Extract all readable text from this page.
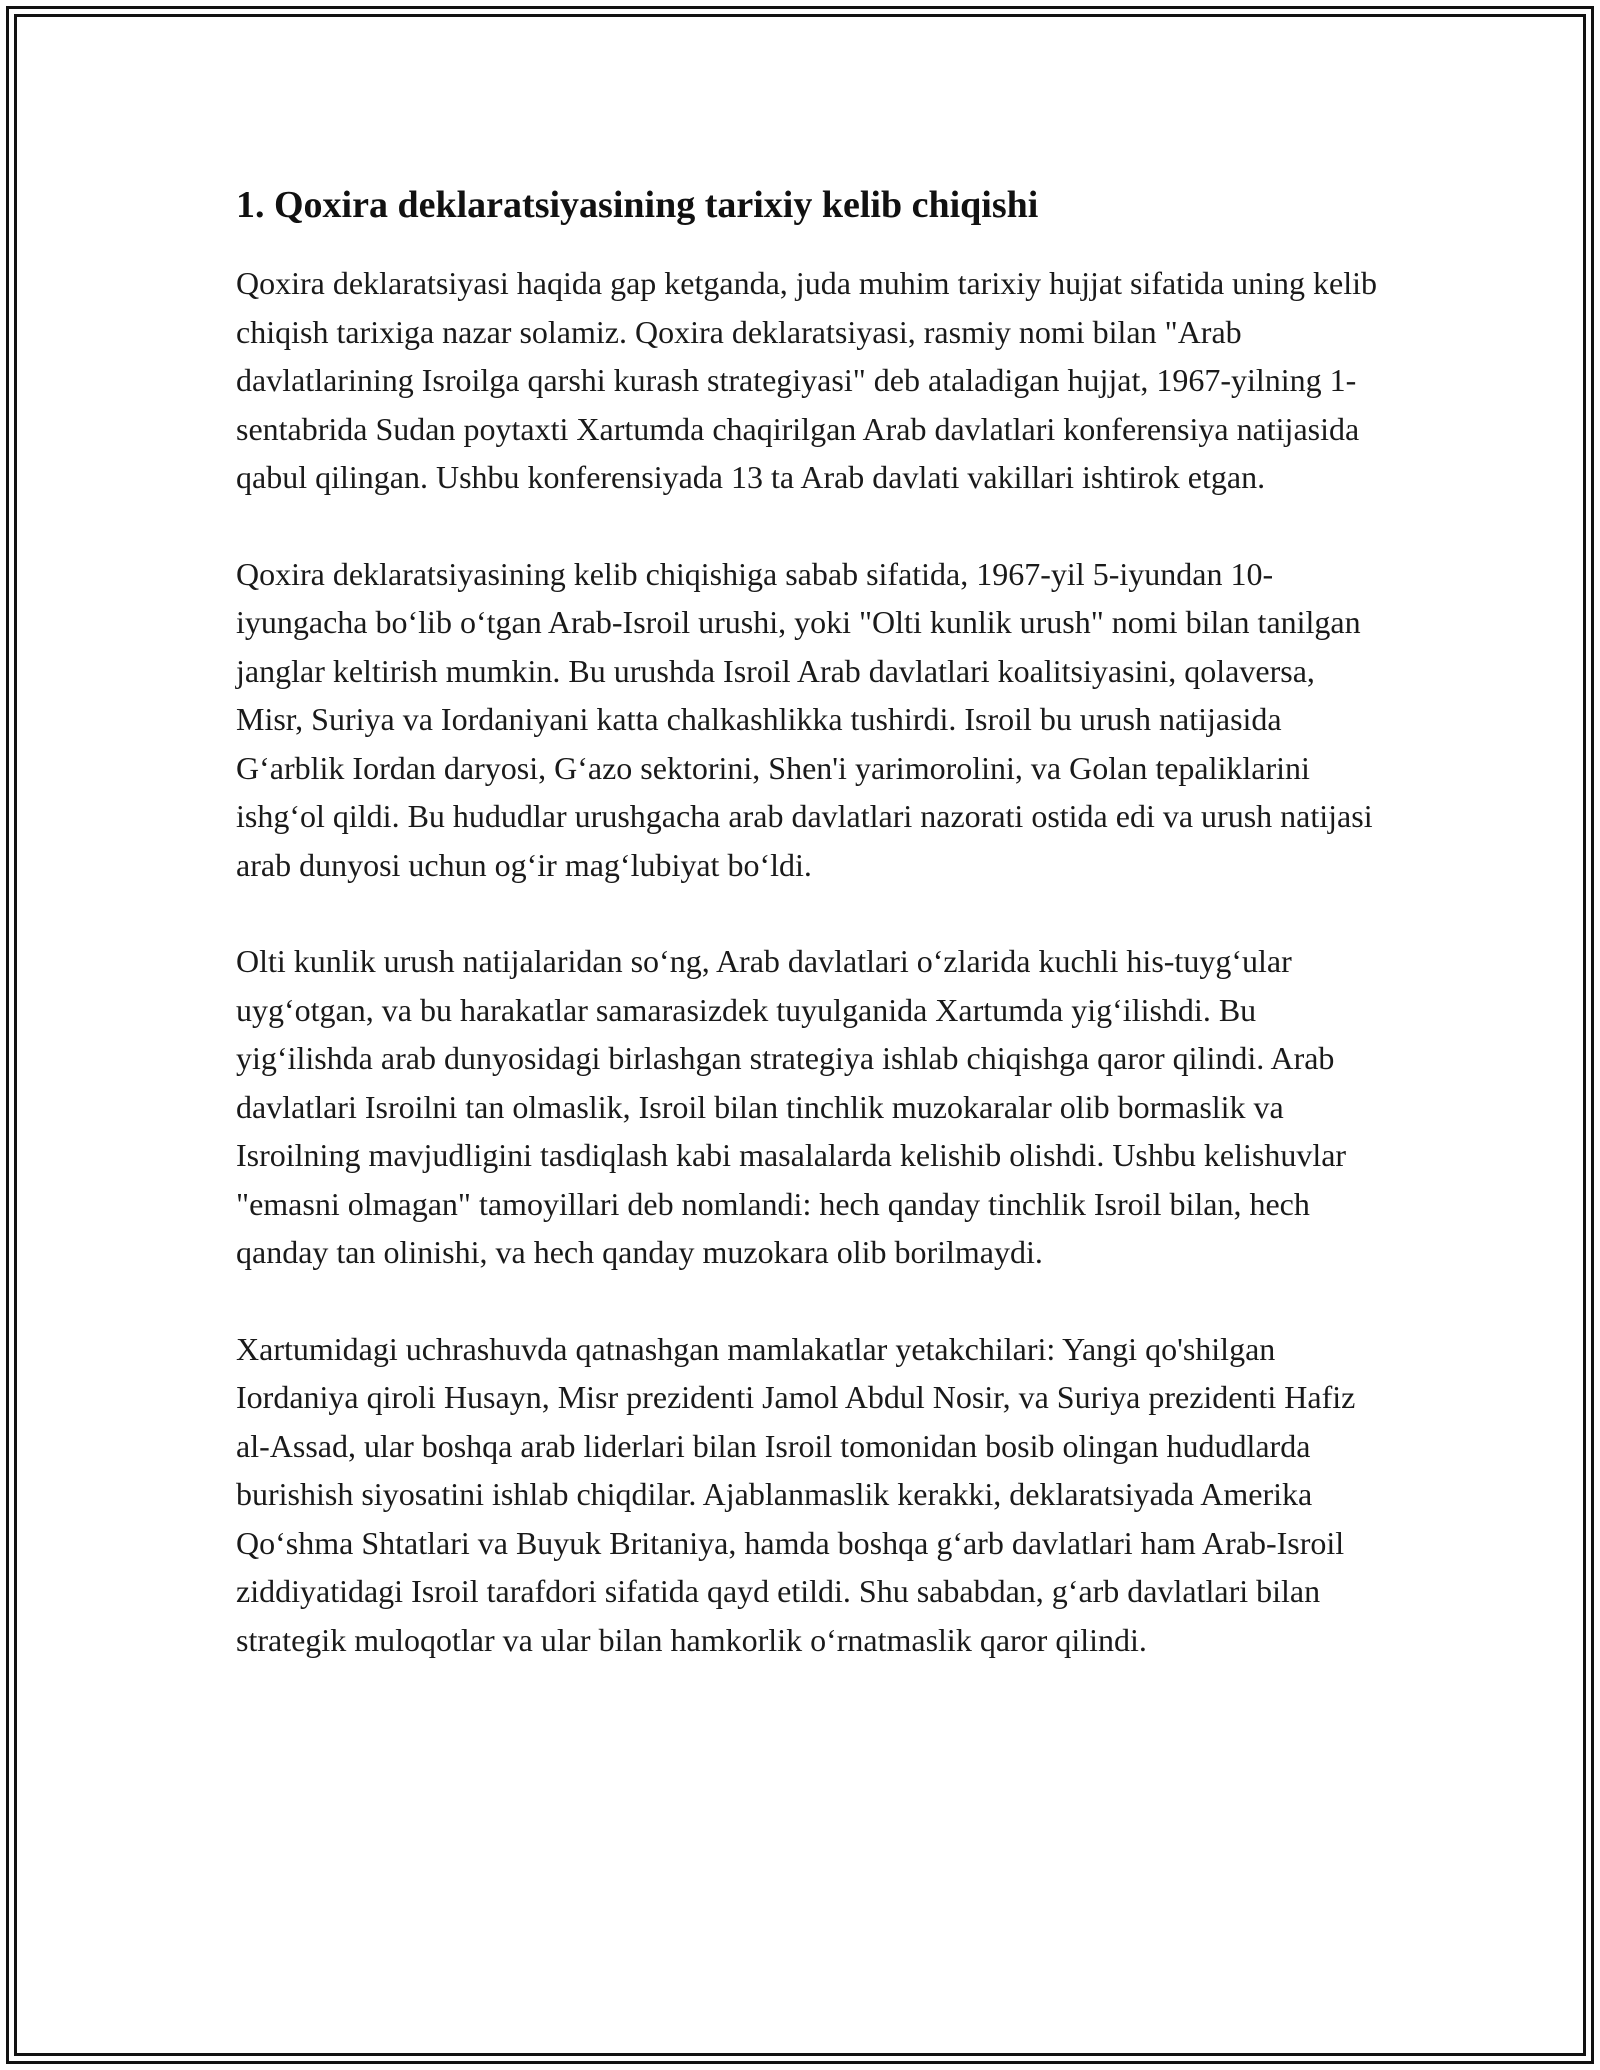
1. Qoxira deklaratsiyasining tarixiy kelib chiqishi

Qoxira deklaratsiyasi haqida gap ketganda, juda muhim tarixiy hujjat sifatida uning kelib chiqish tarixiga nazar solamiz. Qoxira deklaratsiyasi, rasmiy nomi bilan "Arab davlatlarining Isroilga qarshi kurash strategiyasi" deb ataladigan hujjat, 1967-yilning 1-sentabrida Sudan poytaxti Xartumda chaqirilgan Arab davlatlari konferensiya natijasida qabul qilingan. Ushbu konferensiyada 13 ta Arab davlati vakillari ishtirok etgan.

Qoxira deklaratsiyasining kelib chiqishiga sabab sifatida, 1967-yil 5-iyundan 10-iyungacha bo‘lib o‘tgan Arab-Isroil urushi, yoki "Olti kunlik urush" nomi bilan tanilgan janglar keltirish mumkin. Bu urushda Isroil Arab davlatlari koalitsiyasini, qolaversa, Misr, Suriya va Iordaniyani katta chalkashlikka tushirdi. Isroil bu urush natijasida G‘arblik Iordan daryosi, G‘azo sektorini, Shen'i yarimorolini, va Golan tepaliklarini ishg‘ol qildi. Bu hududlar urushgacha arab davlatlari nazorati ostida edi va urush natijasi arab dunyosi uchun og‘ir mag‘lubiyat bo‘ldi.

Olti kunlik urush natijalaridan so‘ng, Arab davlatlari o‘zlarida kuchli his-tuyg‘ular uyg‘otgan, va bu harakatlar samarasizdek tuyulganida Xartumda yig‘ilishdi. Bu yig‘ilishda arab dunyosidagi birlashgan strategiya ishlab chiqishga qaror qilindi. Arab davlatlari Isroilni tan olmaslik, Isroil bilan tinchlik muzokaralar olib bormaslik va Isroilning mavjudligini tasdiqlash kabi masalalarda kelishib olishdi. Ushbu kelishuvlar "emasni olmagan" tamoyillari deb nomlandi: hech qanday tinchlik Isroil bilan, hech qanday tan olinishi, va hech qanday muzokara olib borilmaydi.

Xartumidagi uchrashuvda qatnashgan mamlakatlar yetakchilari: Yangi qo'shilgan Iordaniya qiroli Husayn, Misr prezidenti Jamol Abdul Nosir, va Suriya prezidenti Hafiz al-Assad, ular boshqa arab liderlari bilan Isroil tomonidan bosib olingan hududlarda burishish siyosatini ishlab chiqdilar. Ajablanmaslik kerakki, deklaratsiyada Amerika Qo‘shma Shtatlari va Buyuk Britaniya, hamda boshqa g‘arb davlatlari ham Arab-Isroil ziddiyatidagi Isroil tarafdori sifatida qayd etildi. Shu sababdan, g‘arb davlatlari bilan strategik muloqotlar va ular bilan hamkorlik o‘rnatmaslik qaror qilindi.
